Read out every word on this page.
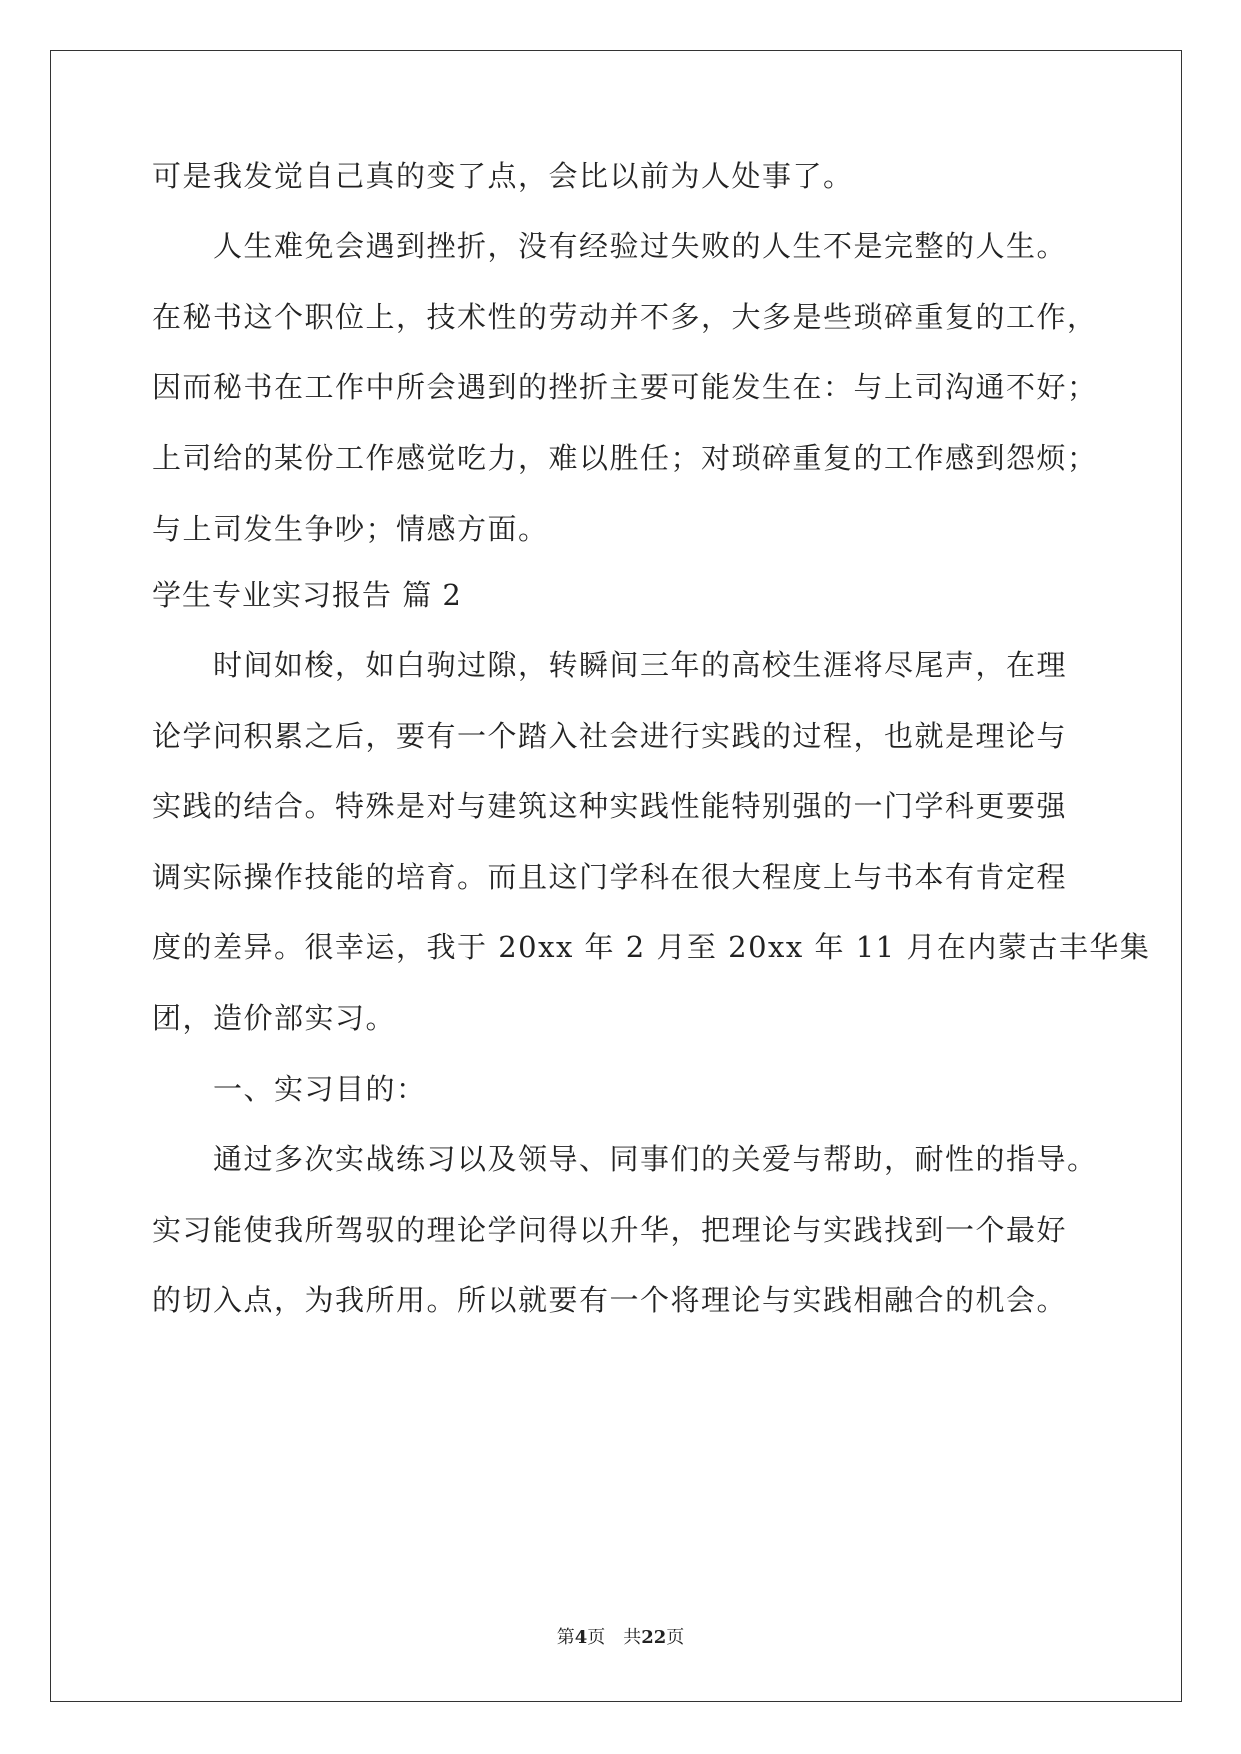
可是我发觉自己真的变了点，会比以前为人处事了。
人生难免会遇到挫折，没有经验过失败的人生不是完整的人生。
在秘书这个职位上，技术性的劳动并不多，大多是些琐碎重复的工作，
因而秘书在工作中所会遇到的挫折主要可能发生在：与上司沟通不好；
上司给的某份工作感觉吃力，难以胜任；对琐碎重复的工作感到怨烦；
与上司发生争吵；情感方面。
学生专业实习报告 篇 2
时间如梭，如白驹过隙，转瞬间三年的高校生涯将尽尾声，在理
论学问积累之后，要有一个踏入社会进行实践的过程，也就是理论与
实践的结合。特殊是对与建筑这种实践性能特别强的一门学科更要强
调实际操作技能的培育。而且这门学科在很大程度上与书本有肯定程
度的差异。很幸运，我于 20xx 年 2 月至 20xx 年 11 月在内蒙古丰华集
团，造价部实习。
一、实习目的：
通过多次实战练习以及领导、同事们的关爱与帮助，耐性的指导。
实习能使我所驾驭的理论学问得以升华，把理论与实践找到一个最好
的切入点，为我所用。所以就要有一个将理论与实践相融合的机会。
第4页　共22页
